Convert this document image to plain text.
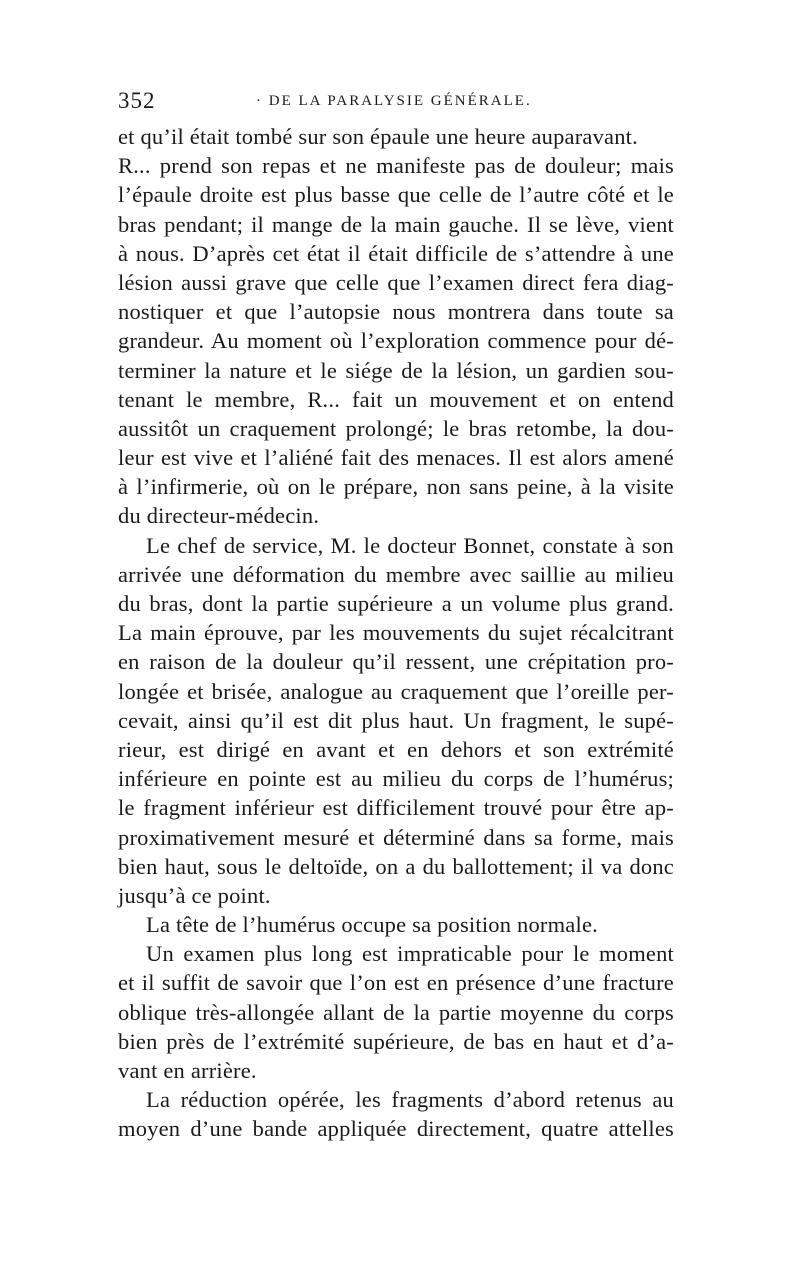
352	· DE LA PARALYSIE GÉNÉRALE.
et qu’il était tombé sur son épaule une heure auparavant.
R... prend son repas et ne manifeste pas de douleur; mais
l’épaule droite est plus basse que celle de l’autre côté et le
bras pendant; il mange de la main gauche. Il se lève, vient
à nous. D’après cet état il était difficile de s’attendre à une
lésion aussi grave que celle que l’examen direct fera diag-
nostiquer et que l’autopsie nous montrera dans toute sa
grandeur. Au moment où l’exploration commence pour dé-
terminer la nature et le siége de la lésion, un gardien sou-
tenant le membre, R... fait un mouvement et on entend
aussitôt un craquement prolongé; le bras retombe, la dou-
leur est vive et l’aliéné fait des menaces. Il est alors amené
à l’infirmerie, où on le prépare, non sans peine, à la visite
du directeur-médecin.
Le chef de service, M. le docteur Bonnet, constate à son
arrivée une déformation du membre avec saillie au milieu
du bras, dont la partie supérieure a un volume plus grand.
La main éprouve, par les mouvements du sujet récalcitrant
en raison de la douleur qu’il ressent, une crépitation pro-
longée et brisée, analogue au craquement que l’oreille per-
cevait, ainsi qu’il est dit plus haut. Un fragment, le supé-
rieur, est dirigé en avant et en dehors et son extrémité
inférieure en pointe est au milieu du corps de l’humérus;
le fragment inférieur est difficilement trouvé pour être ap-
proximativement mesuré et déterminé dans sa forme, mais
bien haut, sous le deltoïde, on a du ballottement; il va donc
jusqu’à ce point.
La tête de l’humérus occupe sa position normale.
Un examen plus long est impraticable pour le moment
et il suffit de savoir que l’on est en présence d’une fracture
oblique très-allongée allant de la partie moyenne du corps
bien près de l’extrémité supérieure, de bas en haut et d’a-
vant en arrière.
La réduction opérée, les fragments d’abord retenus au
moyen d’une bande appliquée directement, quatre attelles
